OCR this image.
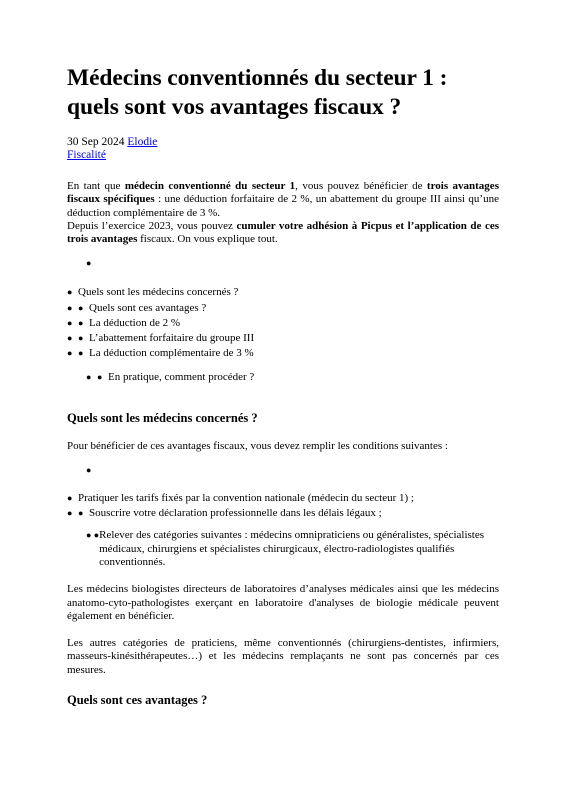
Médecins conventionnés du secteur 1 : quels sont vos avantages fiscaux ?
30 Sep 2024 Elodie
Fiscalité
En tant que médecin conventionné du secteur 1, vous pouvez bénéficier de trois avantages fiscaux spécifiques : une déduction forfaitaire de 2 %, un abattement du groupe III ainsi qu’une déduction complémentaire de 3 %.
Depuis l’exercice 2023, vous pouvez cumuler votre adhésion à Picpus et l’application de ces trois avantages fiscaux. On vous explique tout.
●
● Quels sont les médecins concernés ?
● ● Quels sont ces avantages ?
● ● La déduction de 2 %
● ● L’abattement forfaitaire du groupe III
● ● La déduction complémentaire de 3 %
● ● En pratique, comment procéder ?
Quels sont les médecins concernés ?

Pour bénéficier de ces avantages fiscaux, vous devez remplir les conditions suivantes :

●
● Pratiquer les tarifs fixés par la convention nationale (médecin du secteur 1) ;
● ● Souscrire votre déclaration professionnelle dans les délais légaux ;
● ● Relever des catégories suivantes : médecins omnipraticiens ou généralistes, spécialistes médicaux, chirurgiens et spécialistes chirurgicaux, électro-radiologistes qualifiés conventionnés.

Les médecins biologistes directeurs de laboratoires d’analyses médicales ainsi que les médecins anatomo-cyto-pathologistes exerçant en laboratoire d'analyses de biologie médicale peuvent également en bénéficier.

Les autres catégories de praticiens, même conventionnés (chirurgiens-dentistes, infirmiers, masseurs-kinésithérapeutes…) et les médecins remplaçants ne sont pas concernés par ces mesures.

Quels sont ces avantages ?
